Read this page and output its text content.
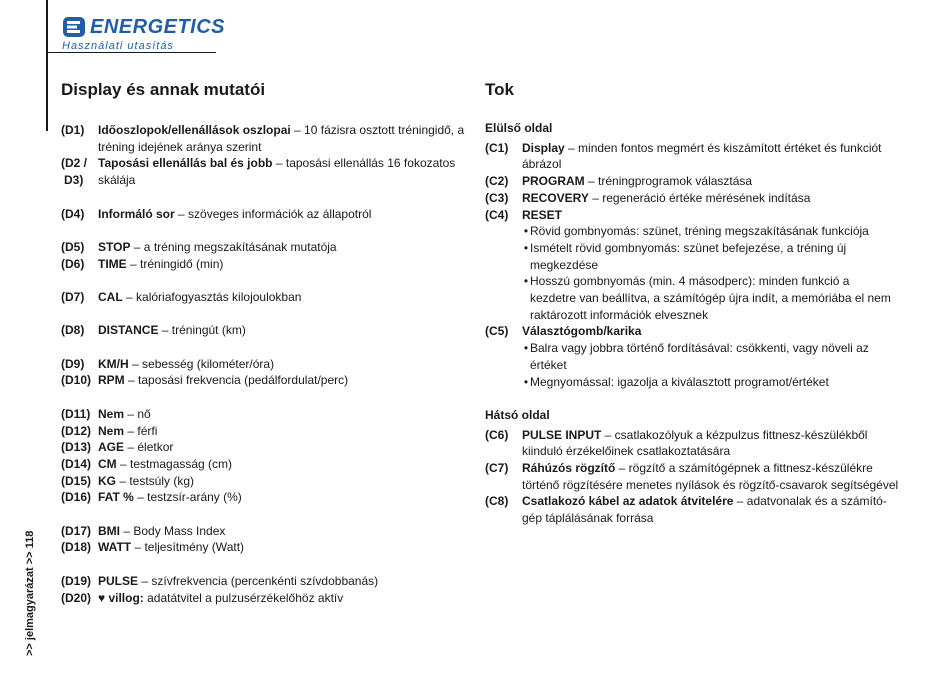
ENERGETICS
Használati utasítás
>> jelmagyarázat >> 118
Display és annak mutatói
(D1)	Időoszlopok/ellenállások oszlopai – 10 fázisra osztott tréningidő, a
tréning idejének aránya szerint
(D2 /
D3)
Taposási ellenállás bal és jobb – taposási ellenállás 16 fokozatos
skálája
(D4)	Informáló sor – szöveges információk az állapotról
(D5)	STOP – a tréning megszakításának mutatója
(D6)	TIME – tréningidő (min)
(D7)	CAL – kalóriafogyasztás kilojoulokban
(D8)	DISTANCE – tréningút (km)
(D9)	KM/H – sebesség (kilométer/óra)
(D10) RPM – taposási frekvencia (pedálfordulat/perc)
(D11) Nem – nő
(D12) Nem – férfi
(D13) AGE – életkor
(D14) CM – testmagasság (cm)
(D15) KG – testsúly (kg)
(D16) FAT % – testzsír-arány (%)
(D17) BMI – Body Mass Index
(D18) WATT – teljesítmény (Watt)
(D19) PULSE – szívfrekvencia (percenkénti szívdobbanás)
(D20) ♥ villog: adatátvitel a pulzusérzékelőhöz aktív
Tok
Elülső oldal
(C1)	Display – minden fontos megmért és kiszámított értéket és funkciót
ábrázol
(C2)	PROGRAM – tréningprogramok választása
(C3)	RECOVERY – regeneráció értéke mérésének indítása
(C4)	RESET
• Rövid gombnyomás: szünet, tréning megszakításának funkciója
• Ismételt rövid gombnyomás: szünet befejezése, a tréning új
megkezdése
• Hosszú gombnyomás (min. 4 másodperc): minden funkció a
kezdetre van beállítva, a számítógép újra indít, a memóriába el nem
raktározott információk elvesznek
(C5)	Választógomb/karika
• Balra vagy jobbra történő fordításával: csökkenti, vagy növeli az
értéket
• Megnyomással: igazolja a kiválasztott programot/értéket
Hátsó oldal
(C6)	PULSE INPUT – csatlakozólyuk a kézpulzus fittnesz-készülékből
kiinduló érzékelőinek csatlakoztatására
(C7)	Ráhúzós rögzítő – rögzítő a számítógépnek a fittnesz-készülékre
történő rögzítésére menetes nyílások és rögzítő-csavarok segítségével
(C8)	Csatlakozó kábel az adatok átvitelére – adatvonalak és a számító-
gép táplálásának forrása
